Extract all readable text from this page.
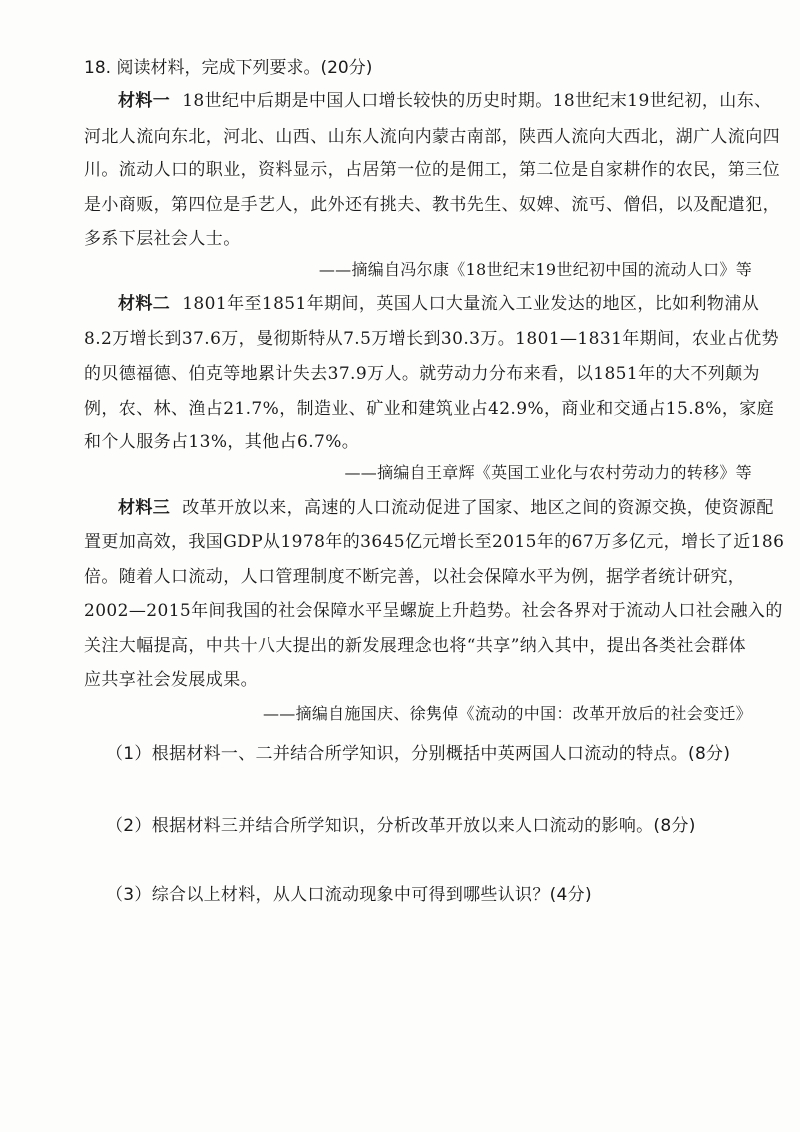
18. 阅读材料，完成下列要求。(20分)
材料一 18世纪中后期是中国人口增长较快的历史时期。18世纪末19世纪初，山东、
河北人流向东北，河北、山西、山东人流向内蒙古南部，陕西人流向大西北，湖广人流向四
川。流动人口的职业，资料显示，占居第一位的是佣工，第二位是自家耕作的农民，第三位
是小商贩，第四位是手艺人，此外还有挑夫、教书先生、奴婢、流丐、僧侣，以及配遣犯，
多系下层社会人士。
——摘编自冯尔康《18世纪末19世纪初中国的流动人口》等
材料二 1801年至1851年期间，英国人口大量流入工业发达的地区，比如利物浦从
8.2万增长到37.6万，曼彻斯特从7.5万增长到30.3万。1801—1831年期间，农业占优势
的贝德福德、伯克等地累计失去37.9万人。就劳动力分布来看，以1851年的大不列颠为
例，农、林、渔占21.7%，制造业、矿业和建筑业占42.9%，商业和交通占15.8%，家庭
和个人服务占13%，其他占6.7%。
——摘编自王章辉《英国工业化与农村劳动力的转移》等
材料三 改革开放以来，高速的人口流动促进了国家、地区之间的资源交换，使资源配
置更加高效，我国GDP从1978年的3645亿元增长至2015年的67万多亿元，增长了近186
倍。随着人口流动，人口管理制度不断完善，以社会保障水平为例，据学者统计研究，
2002—2015年间我国的社会保障水平呈螺旋上升趋势。社会各界对于流动人口社会融入的
关注大幅提高，中共十八大提出的新发展理念也将“共享”纳入其中，提出各类社会群体
应共享社会发展成果。
——摘编自施国庆、徐隽倬《流动的中国：改革开放后的社会变迁》
（1）根据材料一、二并结合所学知识，分别概括中英两国人口流动的特点。(8分)
（2）根据材料三并结合所学知识，分析改革开放以来人口流动的影响。(8分)
（3）综合以上材料，从人口流动现象中可得到哪些认识？(4分)
